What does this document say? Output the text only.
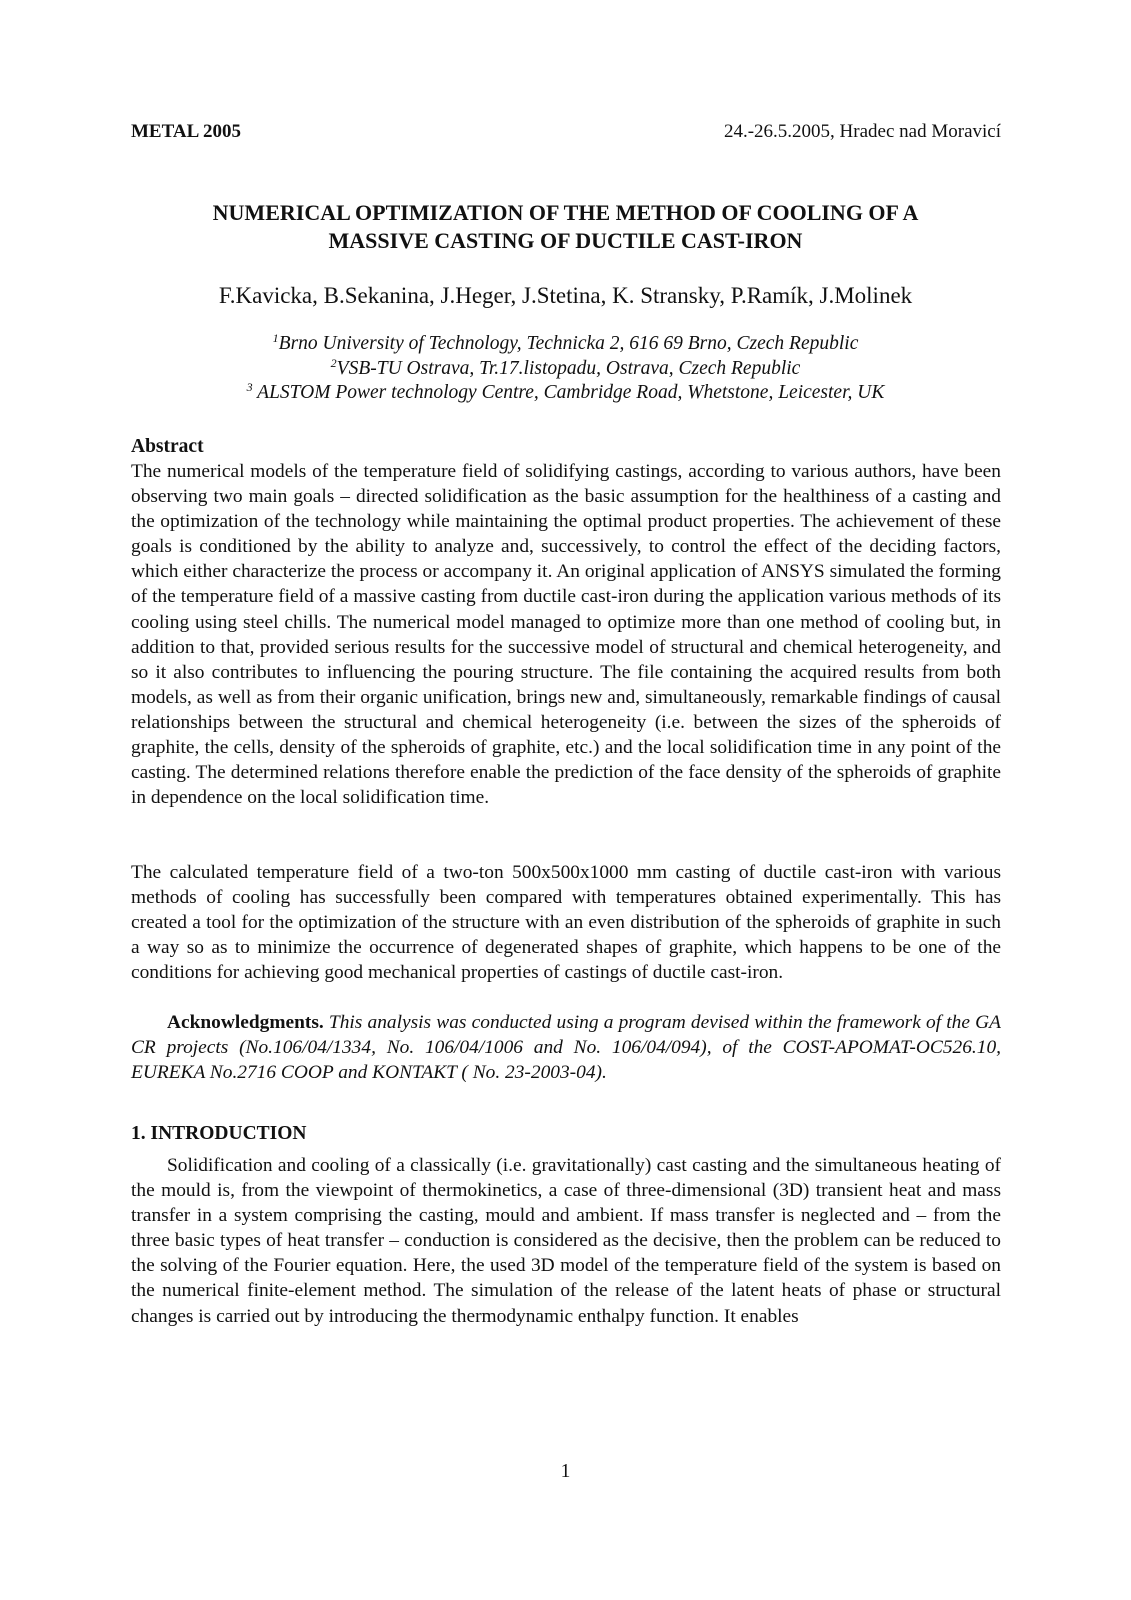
METAL 2005	24.-26.5.2005, Hradec nad Moravicí
NUMERICAL OPTIMIZATION OF THE METHOD OF COOLING OF A
MASSIVE CASTING OF DUCTILE CAST-IRON
F.Kavicka, B.Sekanina, J.Heger, J.Stetina, K. Stransky, P.Ramík, J.Molinek
$^1$Brno University of Technology, Technicka 2, 616 69 Brno, Czech Republic
$^2$VSB-TU Ostrava, Tr.17.listopadu, Ostrava, Czech Republic
$^3$ ALSTOM Power technology Centre, Cambridge Road, Whetstone, Leicester, UK
Abstract
The numerical models of the temperature field of solidifying castings, according to various authors, have been observing two main goals – directed solidification as the basic assumption for the healthiness of a casting and the optimization of the technology while maintaining the optimal product properties. The achievement of these goals is conditioned by the ability to analyze and, successively, to control the effect of the deciding factors, which either characterize the process or accompany it. An original application of ANSYS simulated the forming of the temperature field of a massive casting from ductile cast-iron during the application various methods of its cooling using steel chills. The numerical model managed to optimize more than one method of cooling but, in addition to that, provided serious results for the successive model of structural and chemical heterogeneity, and so it also contributes to influencing the pouring structure. The file containing the acquired results from both models, as well as from their organic unification, brings new and, simultaneously, remarkable findings of causal relationships between the structural and chemical heterogeneity (i.e. between the sizes of the spheroids of graphite, the cells, density of the spheroids of graphite, etc.) and the local solidification time in any point of the casting. The determined relations therefore enable the prediction of the face density of the spheroids of graphite in dependence on the local solidification time.
The calculated temperature field of a two-ton 500x500x1000 mm casting of ductile cast-iron with various methods of cooling has successfully been compared with temperatures obtained experimentally. This has created a tool for the optimization of the structure with an even distribution of the spheroids of graphite in such a way so as to minimize the occurrence of degenerated shapes of graphite, which happens to be one of the conditions for achieving good mechanical properties of castings of ductile cast-iron.
Acknowledgments. This analysis was conducted using a program devised within the framework of the GA CR projects (No.106/04/1334, No. 106/04/1006 and No. 106/04/094), of the COST-APOMAT-OC526.10, EUREKA No.2716 COOP and KONTAKT ( No. 23-2003-04).
1. INTRODUCTION
Solidification and cooling of a classically (i.e. gravitationally) cast casting and the simultaneous heating of the mould is, from the viewpoint of thermokinetics, a case of three-dimensional (3D) transient heat and mass transfer in a system comprising the casting, mould and ambient. If mass transfer is neglected and – from the three basic types of heat transfer – conduction is considered as the decisive, then the problem can be reduced to the solving of the Fourier equation. Here, the used 3D model of the temperature field of the system is based on the numerical finite-element method. The simulation of the release of the latent heats of phase or structural changes is carried out by introducing the thermodynamic enthalpy function. It enables
1
